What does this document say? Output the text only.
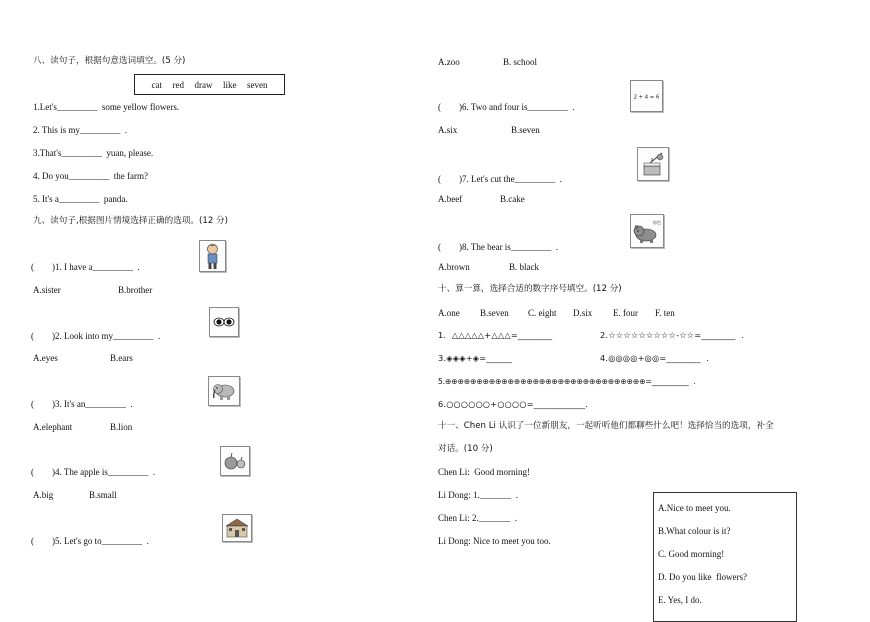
八、读句子，根据句意选词填空。(5 分)
cat red draw like seven
1.Let's_________  some yellow flowers.
2. This is my_________  .
3.That's_________  yuan, please.
4. Do you_________  the farm?
5. It's a_________  panda.
九、读句子,根据图片情境选择正确的选项。(12 分)
(        )1. I have a_________  .
A.sister	B.brother
(        )2. Look into my_________  .
A.eyes	B.ears
(        )3. It's an_________  .
A.elephant	B.lion
(        )4. The apple is_________  .
A.big	B.small
(        )5. Let's go to_________  .
A.zoo	B. school
2 + 4 = 6
(        )6. Two and four is_________  .
A.six	B.seven
(        )7. Let's cut the_________  .
A.beef	B.cake
棕色
(        )8. The bear is_________  .
A.brown	B. black
十、算一算，选择合适的数字序号填空。(12 分)
A.one B.seven C. eight D.six E. four F. ten
1.  △△△△△+△△△=________	2.☆☆☆☆☆☆☆☆☆-☆☆=________  .
3.◈◈◈+◈=______	4.◎◎◎◎+◎◎=________  .
5.⊕⊕⊕⊕⊕⊕⊕⊕⊕⊕⊕⊕⊕⊕⊕⊕⊕⊕⊕⊕⊕⊕⊕⊕⊕⊕⊕⊕⊕⊕⊕⊕=__________  .
6.○○○○○○+○○○○=____________.
十一、Chen Li 认识了一位新朋友，一起听听他们都聊些什么吧！选择恰当的选项，补全
对话。(10 分)
Chen Li:  Good morning!
Li Dong: 1._______  .
Chen Li: 2._______  .
Li Dong: Nice to meet you too.
A.Nice to meet you.
B.What colour is it?
C. Good morning!
D. Do you like  flowers?
E. Yes, I do.
